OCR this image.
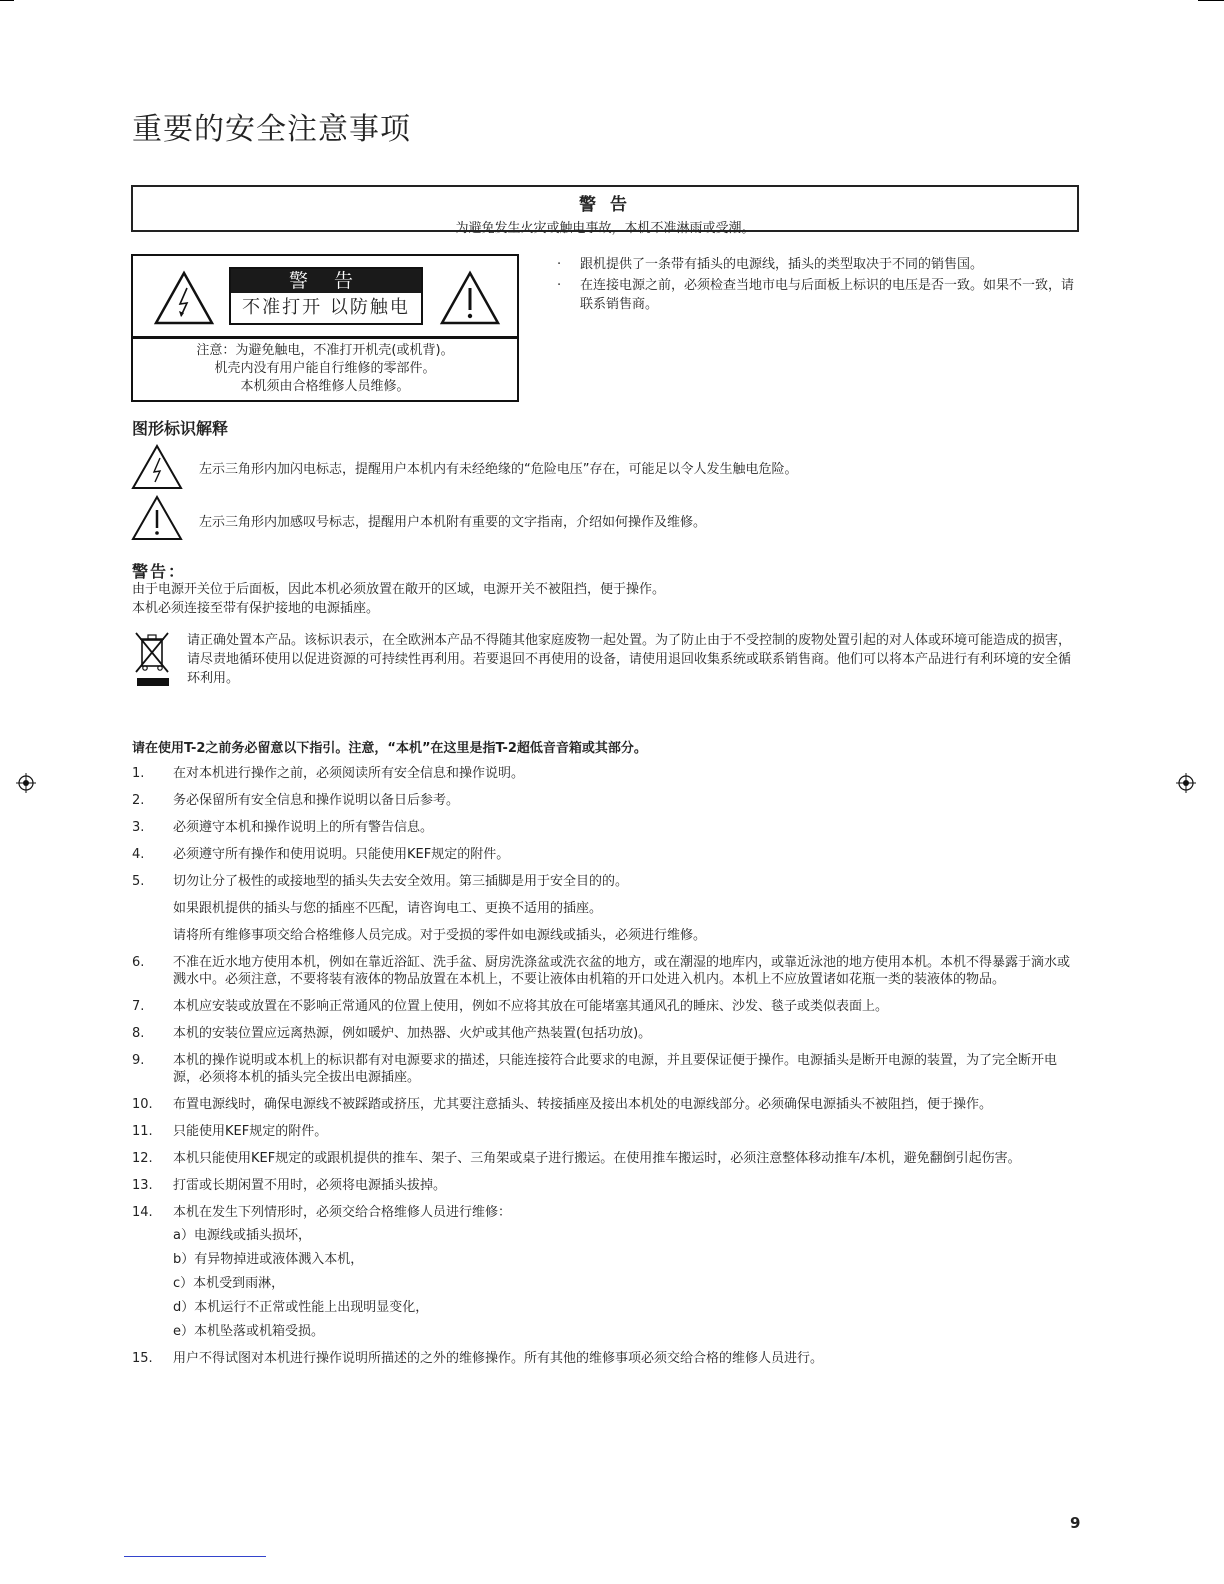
重要的安全注意事项
警 告
为避免发生火灾或触电事故，本机不准淋雨或受潮。
警 告
不准打开 以防触电
注意：为避免触电，不准打开机壳(或机背)。
机壳内没有用户能自行维修的零部件。
本机须由合格维修人员维修。
·	跟机提供了一条带有插头的电源线，插头的类型取决于不同的销售国。
·	在连接电源之前，必须检查当地市电与后面板上标识的电压是否一致。如果不一致，请联系销售商。
图形标识解释
左示三角形内加闪电标志，提醒用户本机内有未经绝缘的“危险电压”存在，可能足以令人发生触电危险。
左示三角形内加感叹号标志，提醒用户本机附有重要的文字指南，介绍如何操作及维修。
警告：
由于电源开关位于后面板，因此本机必须放置在敞开的区域，电源开关不被阻挡，便于操作。
本机必须连接至带有保护接地的电源插座。
请正确处置本产品。该标识表示，在全欧洲本产品不得随其他家庭废物一起处置。为了防止由于不受控制的废物处置引起的对人体或环境可能造成的损害，请尽责地循环使用以促进资源的可持续性再利用。若要退回不再使用的设备，请使用退回收集系统或联系销售商。他们可以将本产品进行有利环境的安全循环利用。
请在使用T-2之前务必留意以下指引。注意，“本机”在这里是指T-2超低音音箱或其部分。
1.	在对本机进行操作之前，必须阅读所有安全信息和操作说明。
2.	务必保留所有安全信息和操作说明以备日后参考。
3.	必须遵守本机和操作说明上的所有警告信息。
4.	必须遵守所有操作和使用说明。只能使用KEF规定的附件。
5.	切勿让分了极性的或接地型的插头失去安全效用。第三插脚是用于安全目的的。
如果跟机提供的插头与您的插座不匹配，请咨询电工、更换不适用的插座。
请将所有维修事项交给合格维修人员完成。对于受损的零件如电源线或插头，必须进行维修。
6.	不准在近水地方使用本机，例如在靠近浴缸、洗手盆、厨房洗涤盆或洗衣盆的地方，或在潮湿的地库内，或靠近泳池的地方使用本机。本机不得暴露于滴水或溅水中。必须注意，不要将装有液体的物品放置在本机上，不要让液体由机箱的开口处进入机内。本机上不应放置诸如花瓶一类的装液体的物品。
7.	本机应安装或放置在不影响正常通风的位置上使用，例如不应将其放在可能堵塞其通风孔的睡床、沙发、毯子或类似表面上。
8.	本机的安装位置应远离热源，例如暖炉、加热器、火炉或其他产热装置(包括功放)。
9.	本机的操作说明或本机上的标识都有对电源要求的描述，只能连接符合此要求的电源，并且要保证便于操作。电源插头是断开电源的装置，为了完全断开电源，必须将本机的插头完全拔出电源插座。
10.	布置电源线时，确保电源线不被踩踏或挤压，尤其要注意插头、转接插座及接出本机处的电源线部分。必须确保电源插头不被阻挡，便于操作。
11.	只能使用KEF规定的附件。
12.	本机只能使用KEF规定的或跟机提供的推车、架子、三角架或桌子进行搬运。在使用推车搬运时，必须注意整体移动推车/本机，避免翻倒引起伤害。
13.	打雷或长期闲置不用时，必须将电源插头拔掉。
14.	本机在发生下列情形时，必须交给合格维修人员进行维修：
a）电源线或插头损坏，
b）有异物掉进或液体溅入本机，
c）本机受到雨淋，
d）本机运行不正常或性能上出现明显变化，
e）本机坠落或机箱受损。
15.	用户不得试图对本机进行操作说明所描述的之外的维修操作。所有其他的维修事项必须交给合格的维修人员进行。
9
